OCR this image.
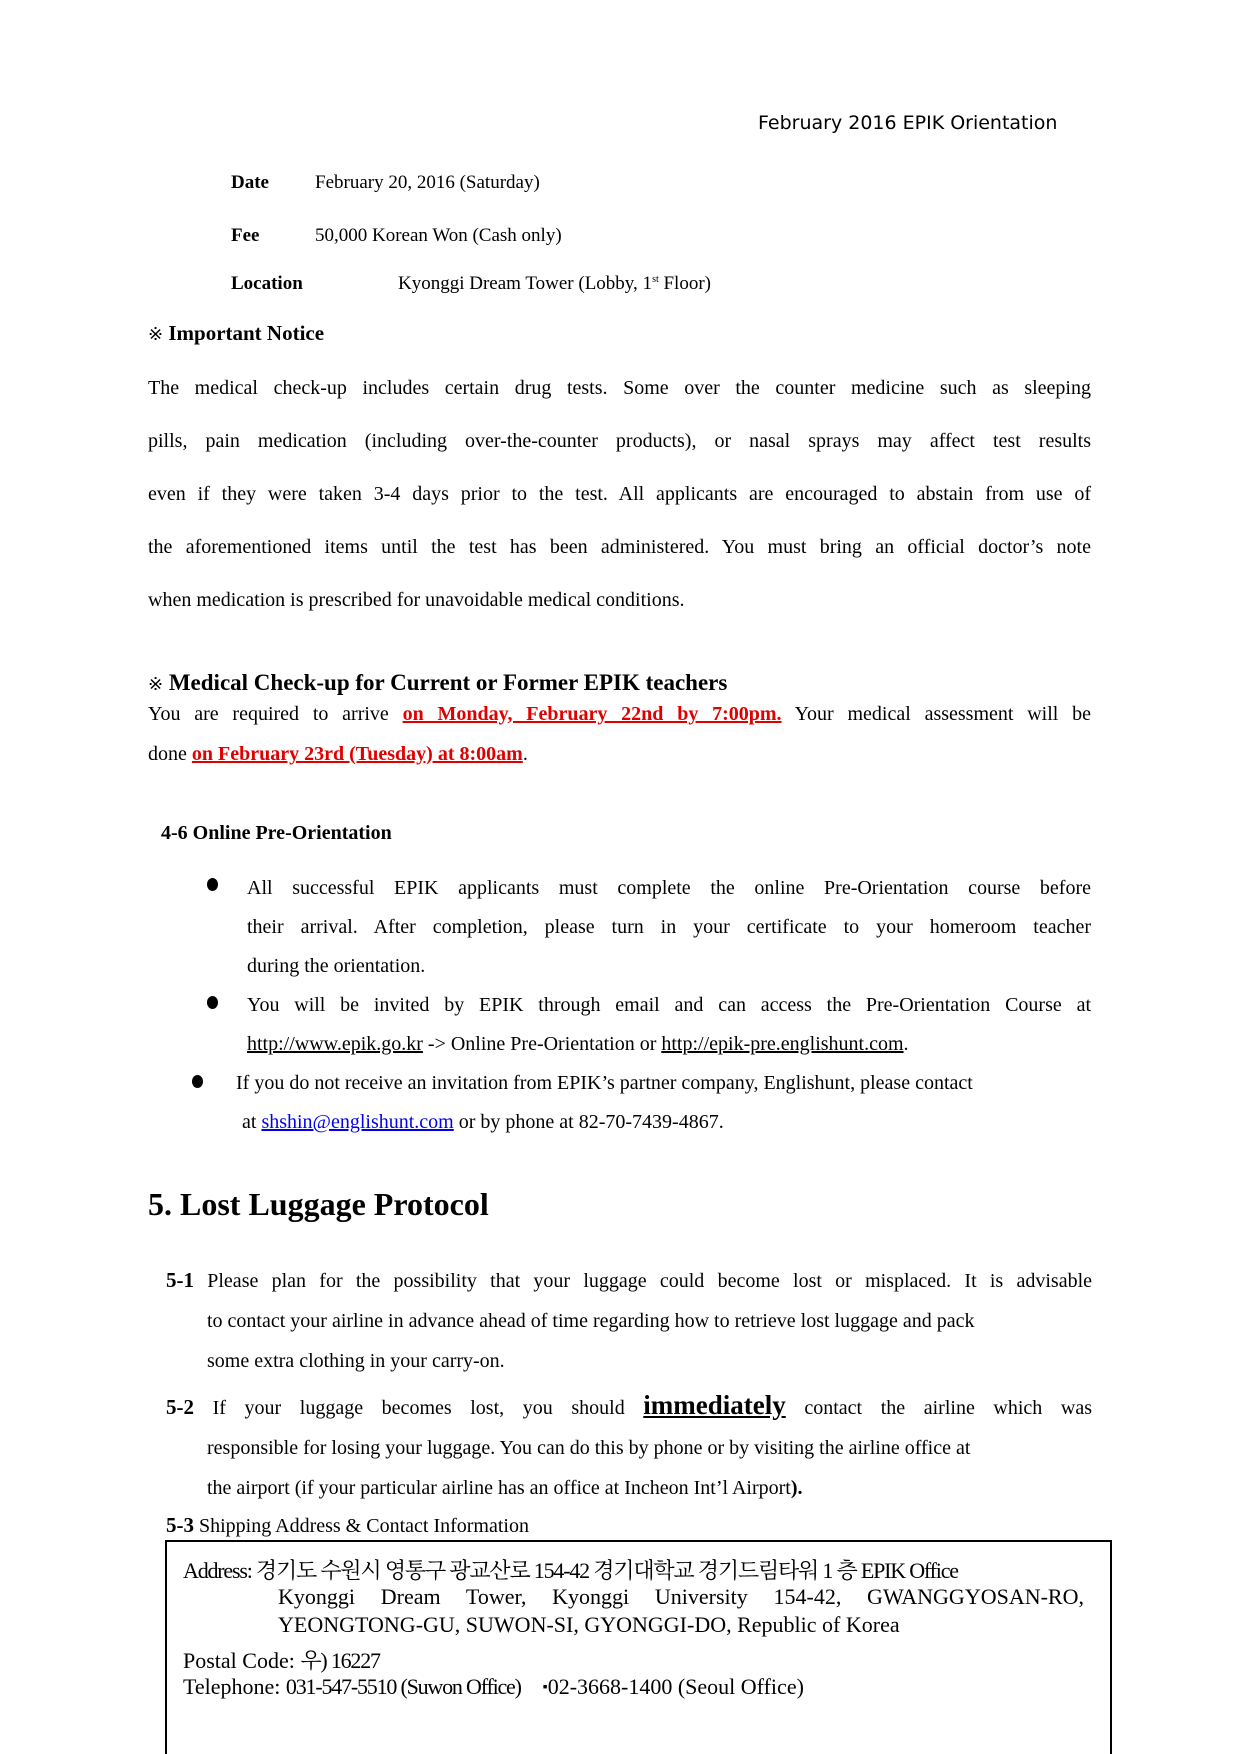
February 2016 EPIK Orientation
Date February 20, 2016 (Saturday)
Fee	50,000 Korean Won (Cash only)
Location	Kyonggi Dream Tower (Lobby, 1st Floor)
※ Important Notice

The medical check-up includes certain drug tests. Some over the counter medicine such as sleeping

pills, pain medication (including over-the-counter products), or nasal sprays may affect test results

even if they were taken 3-4 days prior to the test. All applicants are encouraged to abstain from use of

the aforementioned items until the test has been administered. You must bring an official doctor’s note

when medication is prescribed for unavoidable medical conditions.

※ Medical Check-up for Current or Former EPIK teachers
You are required to arrive on Monday, February 22nd by 7:00pm. Your medical assessment will be
done on February 23rd (Tuesday) at 8:00am.
4-6 Online Pre-Orientation
All successful EPIK applicants must complete the online Pre-Orientation course before
their arrival. After completion, please turn in your certificate to your homeroom teacher
during the orientation.
You will be invited by EPIK through email and can access the Pre-Orientation Course at
http://www.epik.go.kr -> Online Pre-Orientation or http://epik-pre.englishunt.com.
If you do not receive an invitation from EPIK’s partner company, Englishunt, please contact
at shshin@englishunt.com or by phone at 82-70-7439-4867.
5. Lost Luggage Protocol
5-1 Please plan for the possibility that your luggage could become lost or misplaced. It is advisable
to contact your airline in advance ahead of time regarding how to retrieve lost luggage and pack
some extra clothing in your carry-on.
5-2 If your luggage becomes lost, you should immediately contact the airline which was
responsible for losing your luggage. You can do this by phone or by visiting the airline office at
the airport (if your particular airline has an office at Incheon Int’l Airport).
5-3 Shipping Address & Contact Information
Address: 경기도 수원시 영통구 광교산로 154-42 경기대학교 경기드림타워 1 층 EPIK Office
Kyonggi Dream Tower, Kyonggi University 154-42, GWANGGYOSAN-RO,
YEONGTONG-GU, SUWON-SI, GYONGGI-DO, Republic of Korea
Postal Code: 우) 16227
Telephone: 031-547-5510 (Suwon Office) ▪02-3668-1400 (Seoul Office)
